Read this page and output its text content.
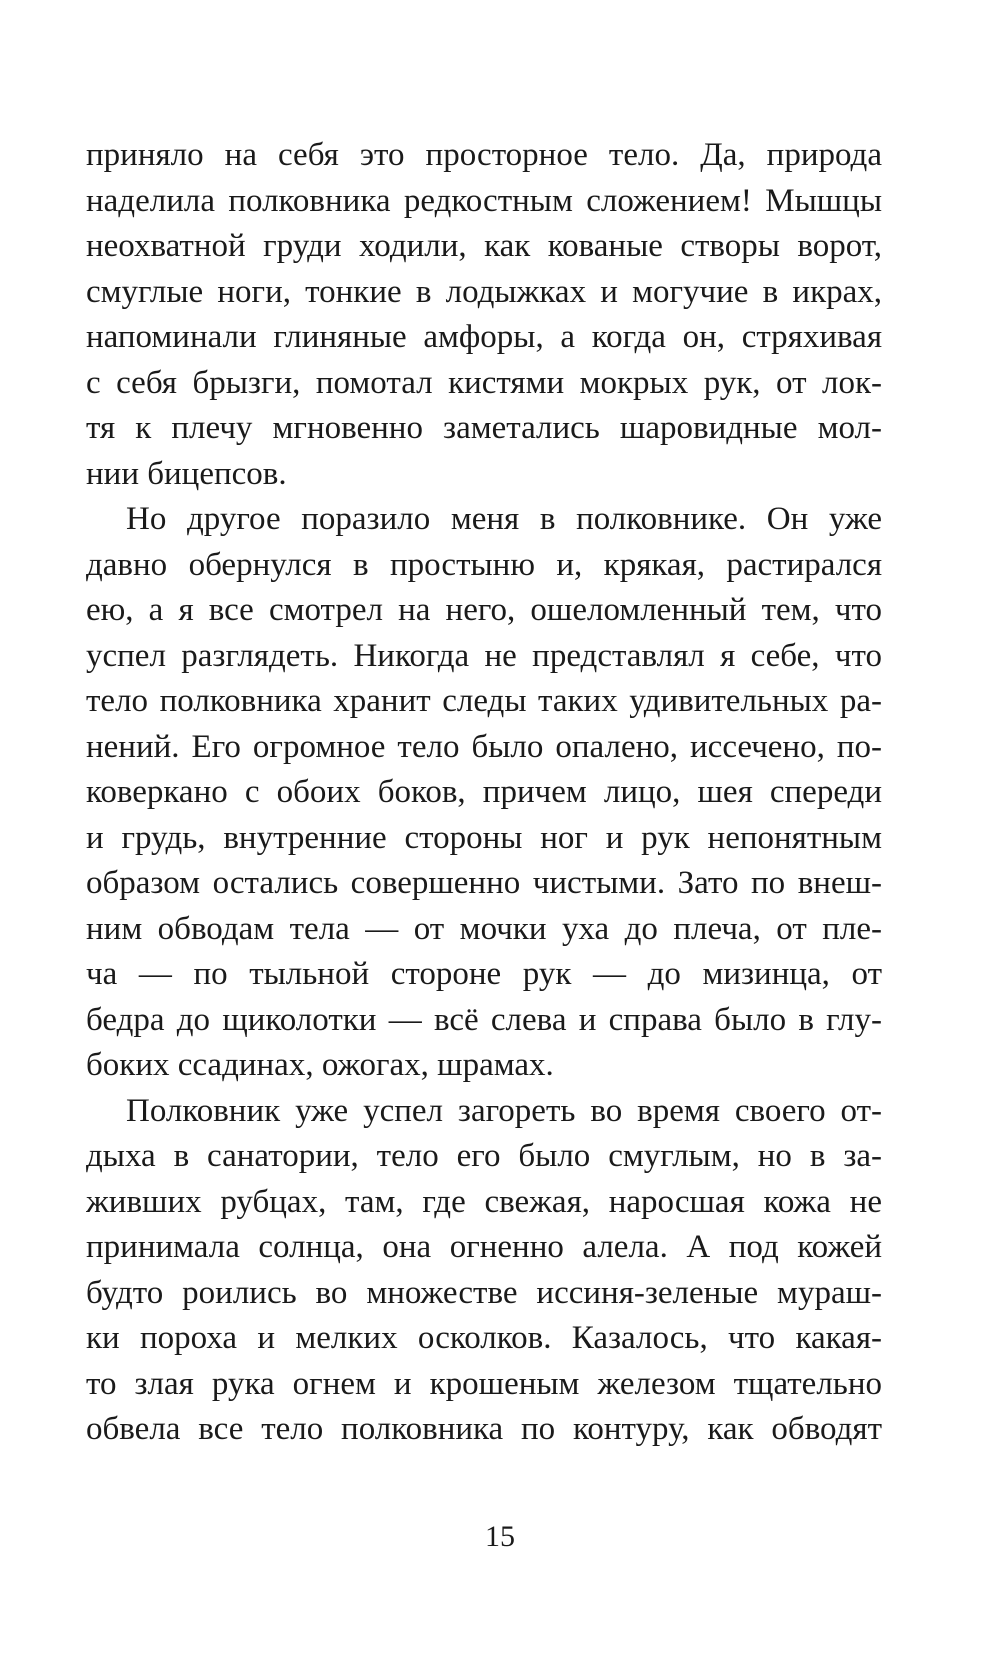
приняло на себя это просторное тело. Да, природа
наделила полковника редкостным сложением! Мышцы
неохватной груди ходили, как кованые створы ворот,
смуглые ноги, тонкие в лодыжках и могучие в икрах,
напоминали глиняные амфоры, а когда он, стряхивая
с себя брызги, помотал кистями мокрых рук, от лок-
тя к плечу мгновенно заметались шаровидные мол-
нии бицепсов.
Но другое поразило меня в полковнике. Он уже
давно обернулся в простыню и, крякая, растирался
ею, а я все смотрел на него, ошеломленный тем, что
успел разглядеть. Никогда не представлял я себе, что
тело полковника хранит следы таких удивительных ра-
нений. Его огромное тело было опалено, иссечено, по-
коверкано с обоих боков, причем лицо, шея спереди
и грудь, внутренние стороны ног и рук непонятным
образом остались совершенно чистыми. Зато по внеш-
ним обводам тела — от мочки уха до плеча, от пле-
ча — по тыльной стороне рук — до мизинца, от
бедра до щиколотки — всё слева и справа было в глу-
боких ссадинах, ожогах, шрамах.
Полковник уже успел загореть во время своего от-
дыха в санатории, тело его было смуглым, но в за-
живших рубцах, там, где свежая, наросшая кожа не
принимала солнца, она огненно алела. А под кожей
будто роились во множестве иссиня-зеленые мураш-
ки пороха и мелких осколков. Казалось, что какая-
то злая рука огнем и крошеным железом тщательно
обвела все тело полковника по контуру, как обводят
15
